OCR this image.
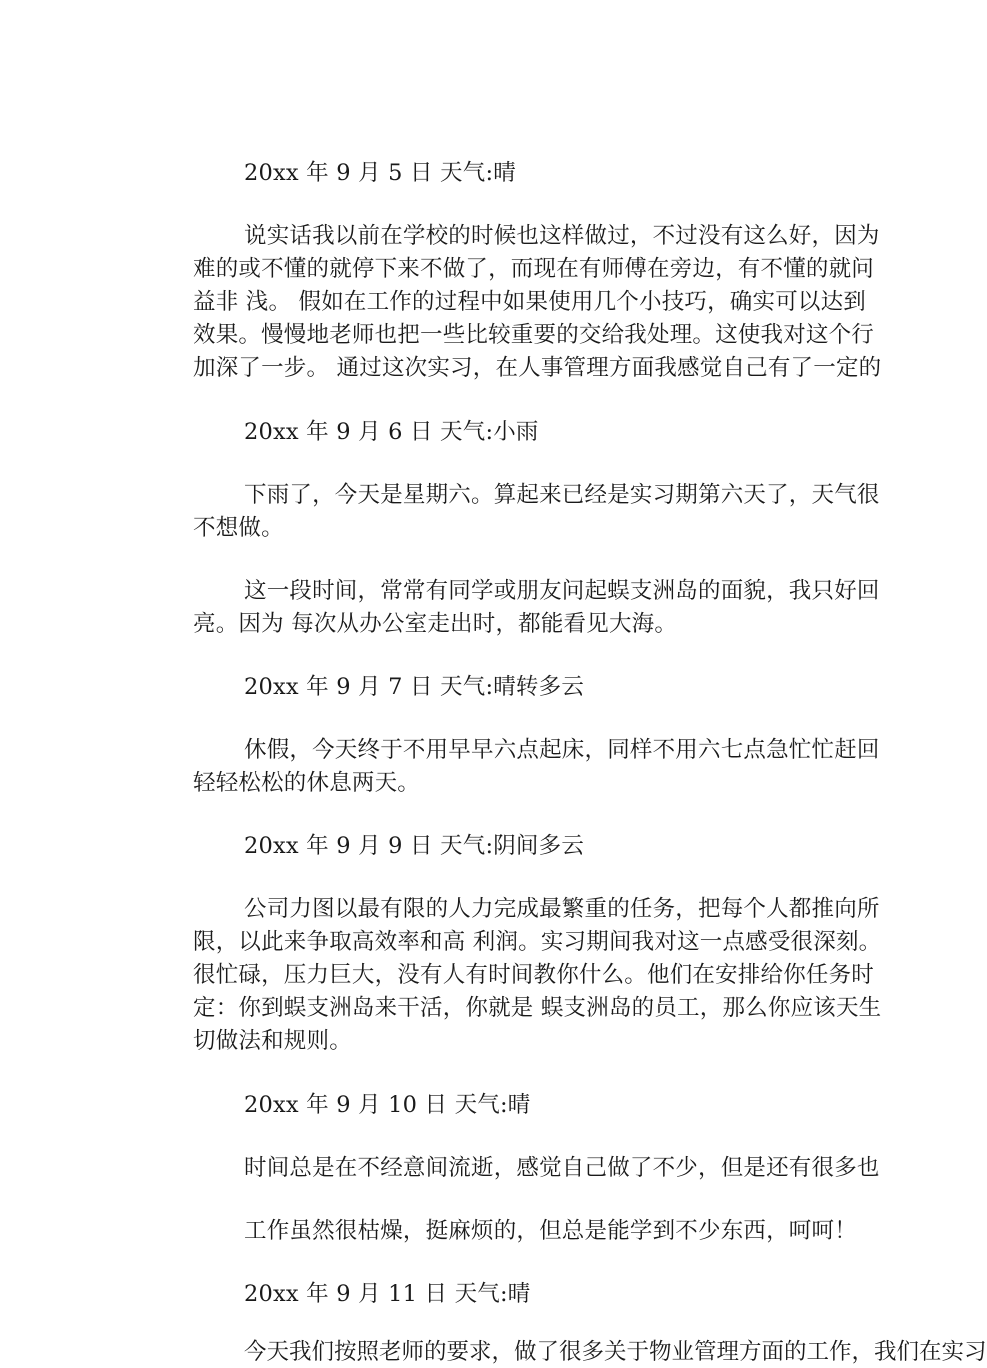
20xx 年 9 月 5 日 天气:晴
说实话我以前在学校的时候也这样做过，不过没有这么好，因为
难的或不懂的就停下来不做了，而现在有师傅在旁边，有不懂的就问
益非 浅。 假如在工作的过程中如果使用几个小技巧，确实可以达到
效果。慢慢地老师也把一些比较重要的交给我处理。这使我对这个行
加深了一步。 通过这次实习，在人事管理方面我感觉自己有了一定的
20xx 年 9 月 6 日 天气:小雨
下雨了，今天是星期六。算起来已经是实习期第六天了，天气很
不想做。
这一段时间，常常有同学或朋友问起蜈支洲岛的面貌，我只好回
亮。因为 每次从办公室走出时，都能看见大海。
20xx 年 9 月 7 日 天气:晴转多云
休假，今天终于不用早早六点起床，同样不用六七点急忙忙赶回
轻轻松松的休息两天。
20xx 年 9 月 9 日 天气:阴间多云
公司力图以最有限的人力完成最繁重的任务，把每个人都推向所
限，以此来争取高效率和高 利润。实习期间我对这一点感受很深刻。
很忙碌，压力巨大，没有人有时间教你什么。他们在安排给你任务时
定：你到蜈支洲岛来干活，你就是 蜈支洲岛的员工，那么你应该天生
切做法和规则。
20xx 年 9 月 10 日 天气:晴
时间总是在不经意间流逝，感觉自己做了不少，但是还有很多也
工作虽然很枯燥，挺麻烦的，但总是能学到不少东西，呵呵！
20xx 年 9 月 11 日 天气:晴
今天我们按照老师的要求，做了很多关于物业管理方面的工作，我们在实习
